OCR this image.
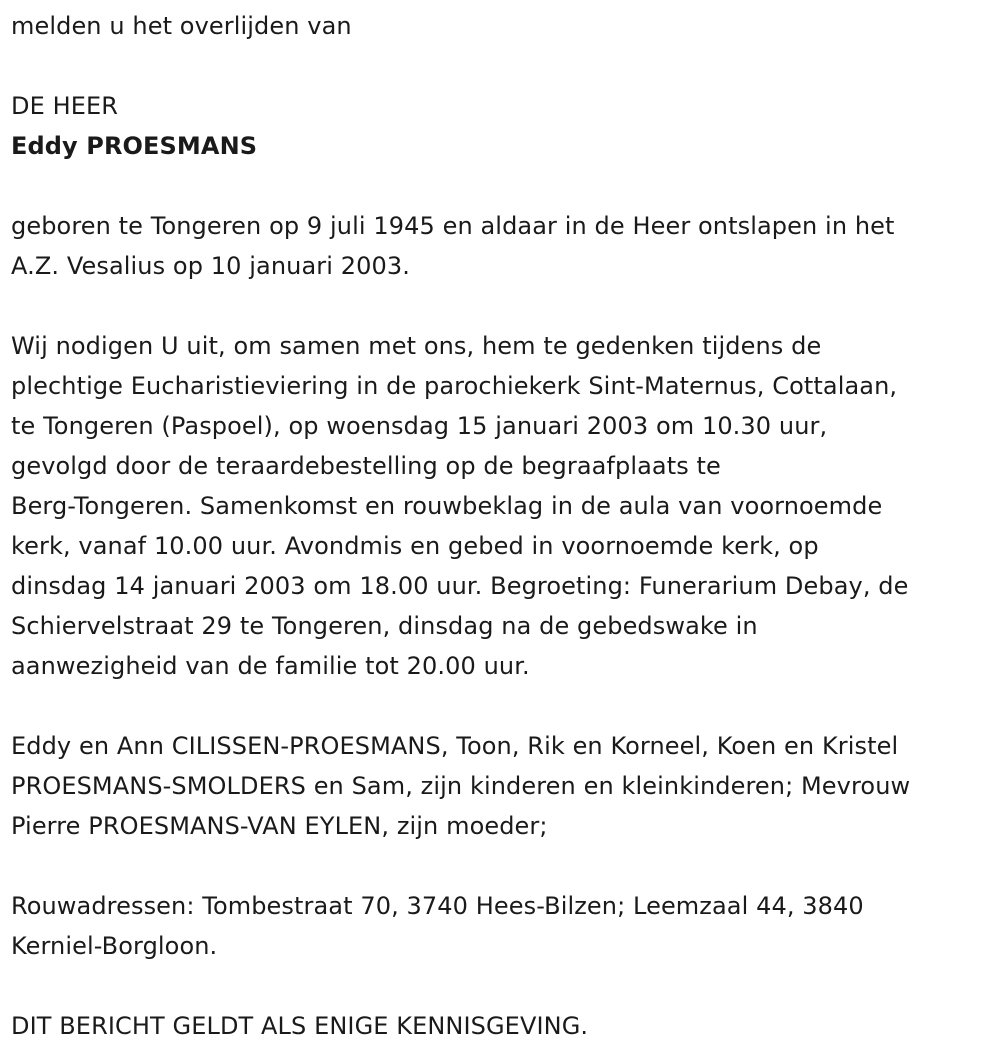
melden u het overlijden van
DE HEER
Eddy PROESMANS
geboren te Tongeren op 9 juli 1945 en aldaar in de Heer ontslapen in het
A.Z. Vesalius op 10 januari 2003.
Wij nodigen U uit, om samen met ons, hem te gedenken tijdens de
plechtige Eucharistieviering in de parochiekerk Sint-Maternus, Cottalaan,
te Tongeren (Paspoel), op woensdag 15 januari 2003 om 10.30 uur,
gevolgd door de teraardebestelling op de begraafplaats te
Berg-Tongeren. Samenkomst en rouwbeklag in de aula van voornoemde
kerk, vanaf 10.00 uur. Avondmis en gebed in voornoemde kerk, op
dinsdag 14 januari 2003 om 18.00 uur. Begroeting: Funerarium Debay, de
Schiervelstraat 29 te Tongeren, dinsdag na de gebedswake in
aanwezigheid van de familie tot 20.00 uur.
Eddy en Ann CILISSEN-PROESMANS, Toon, Rik en Korneel, Koen en Kristel
PROESMANS-SMOLDERS en Sam, zijn kinderen en kleinkinderen; Mevrouw
Pierre PROESMANS-VAN EYLEN, zijn moeder;
Rouwadressen: Tombestraat 70, 3740 Hees-Bilzen; Leemzaal 44, 3840
Kerniel-Borgloon.
DIT BERICHT GELDT ALS ENIGE KENNISGEVING.
